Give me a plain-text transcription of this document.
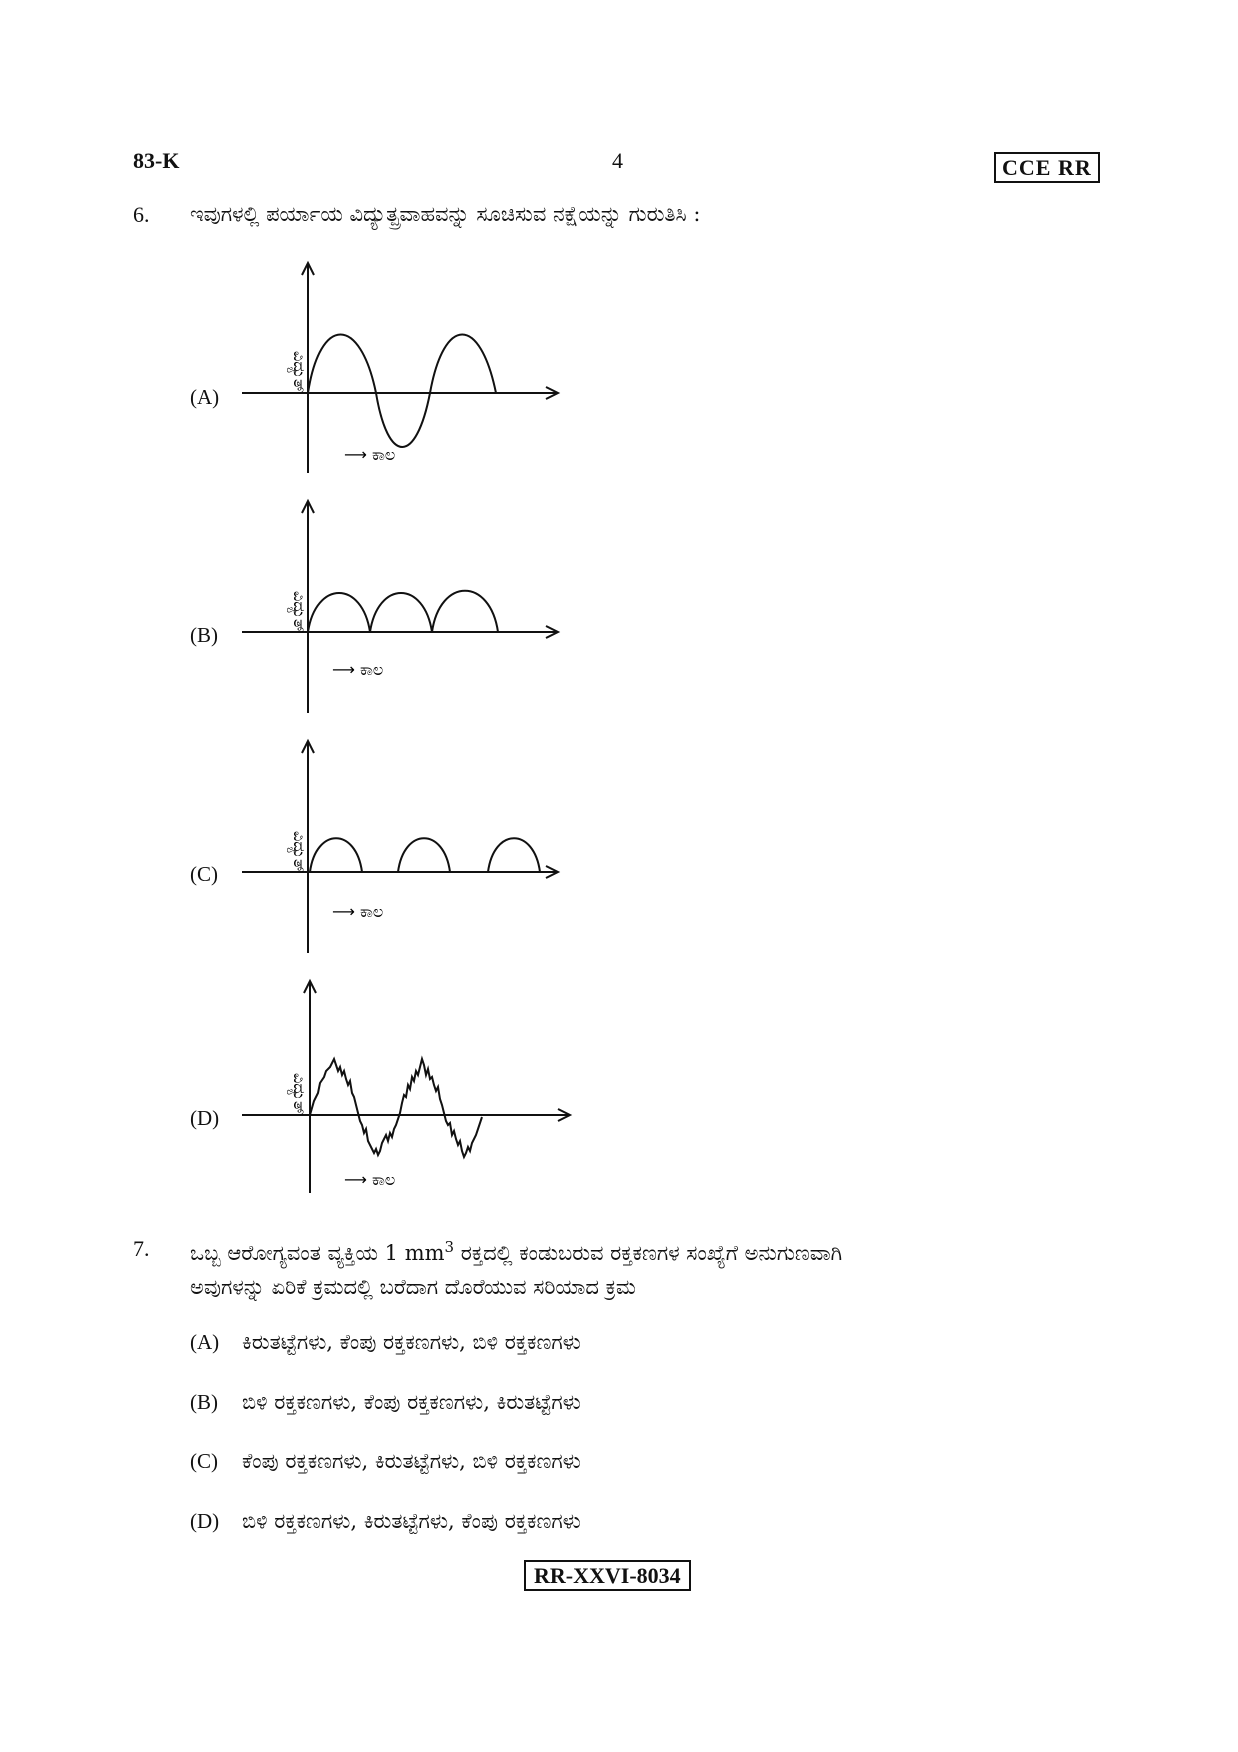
83-K	4	CCE RR
6. ಇವುಗಳಲ್ಲಿ ಪರ್ಯಾಯ ವಿದ್ಯುತ್ಪ್ರವಾಹವನ್ನು ಸೂಚಿಸುವ ನಕ್ಷೆಯನ್ನು ಗುರುತಿಸಿ :
(A)
ವಿದ್ಯುತ್
⟶ ಕಾಲ
(B)
ವಿದ್ಯುತ್
⟶ ಕಾಲ
(C)
ವಿದ್ಯುತ್
⟶ ಕಾಲ
(D)
ವಿದ್ಯುತ್
⟶ ಕಾಲ
7. ಒಬ್ಬ ಆರೋಗ್ಯವಂತ ವ್ಯಕ್ತಿಯ 1 $mm^3$ ರಕ್ತದಲ್ಲಿ ಕಂಡುಬರುವ ರಕ್ತಕಣಗಳ ಸಂಖ್ಯೆಗೆ ಅನುಗುಣವಾಗಿ
ಅವುಗಳನ್ನು ಏರಿಕೆ ಕ್ರಮದಲ್ಲಿ ಬರೆದಾಗ ದೊರೆಯುವ ಸರಿಯಾದ ಕ್ರಮ
(A) ಕಿರುತಟ್ಟೆಗಳು, ಕೆಂಪು ರಕ್ತಕಣಗಳು, ಬಿಳಿ ರಕ್ತಕಣಗಳು
(B) ಬಿಳಿ ರಕ್ತಕಣಗಳು, ಕೆಂಪು ರಕ್ತಕಣಗಳು, ಕಿರುತಟ್ಟೆಗಳು
(C) ಕೆಂಪು ರಕ್ತಕಣಗಳು, ಕಿರುತಟ್ಟೆಗಳು, ಬಿಳಿ ರಕ್ತಕಣಗಳು
(D) ಬಿಳಿ ರಕ್ತಕಣಗಳು, ಕಿರುತಟ್ಟೆಗಳು, ಕೆಂಪು ರಕ್ತಕಣಗಳು
RR-XXVI-8034
